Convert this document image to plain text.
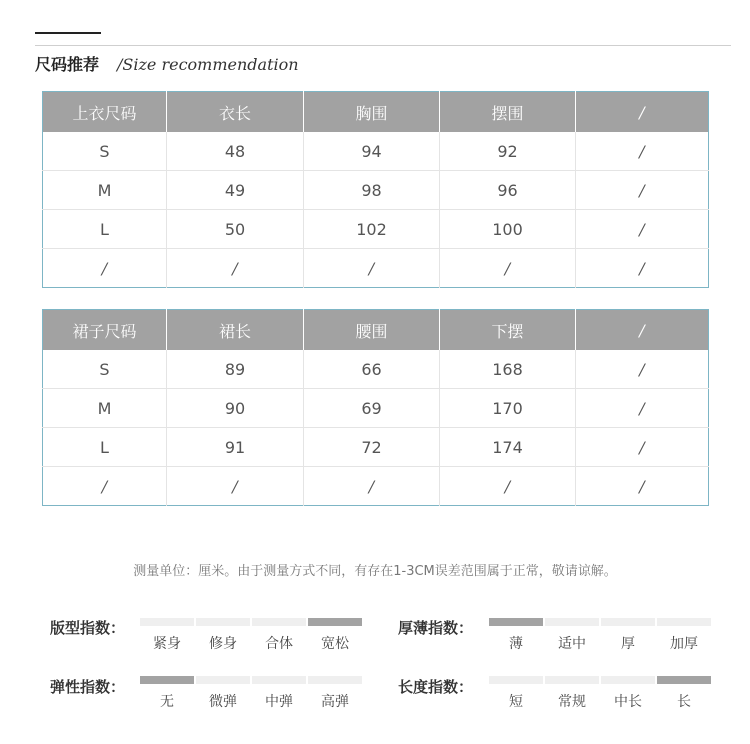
尺码推荐 /Size recommendation
上衣尺码	衣长	胸围	摆围	/
S	48	94	92	/
M	49	98	96	/
L	50	102	100	/
/	/	/	/	/
裙子尺码	裙长	腰围	下摆	/
S	89	66	168	/
M	90	69	170	/
L	91	72	174	/
/	/	/	/	/
测量单位：厘米。由于测量方式不同，有存在1-3CM误差范围属于正常，敬请谅解。
版型指数：
紧身	修身	合体	宽松
厚薄指数：
薄	适中	厚	加厚
弹性指数：
无	微弹	中弹	高弹
长度指数：
短	常规	中长	长
